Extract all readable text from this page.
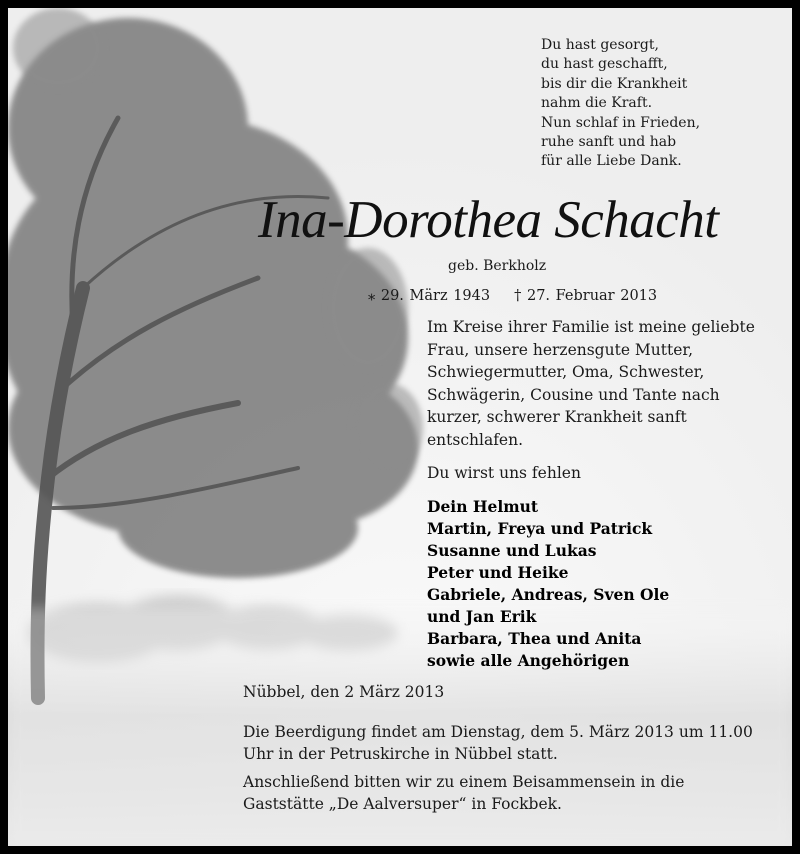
Du hast gesorgt,
du hast geschafft,
bis dir die Krankheit
nahm die Kraft.
Nun schlaf in Frieden,
ruhe sanft und hab
für alle Liebe Dank.
Ina-Dorothea Schacht
geb. Berkholz
⁎ 29. März 1943 † 27. Februar 2013

Im Kreise ihrer Familie ist meine geliebte Frau, unsere herzensgute Mutter, Schwiegermutter, Oma, Schwester, Schwägerin, Cousine und Tante nach kurzer, schwerer Krankheit sanft entschlafen.

Du wirst uns fehlen
Dein Helmut
Martin, Freya und Patrick
Susanne und Lukas
Peter und Heike
Gabriele, Andreas, Sven Ole
und Jan Erik
Barbara, Thea und Anita
sowie alle Angehörigen
Nübbel, den 2 März 2013

Die Beerdigung findet am Dienstag, dem 5. März 2013 um 11.00 Uhr in der Petruskirche in Nübbel statt.

Anschließend bitten wir zu einem Beisammensein in die Gaststätte „De Aalversuper“ in Fockbek.
